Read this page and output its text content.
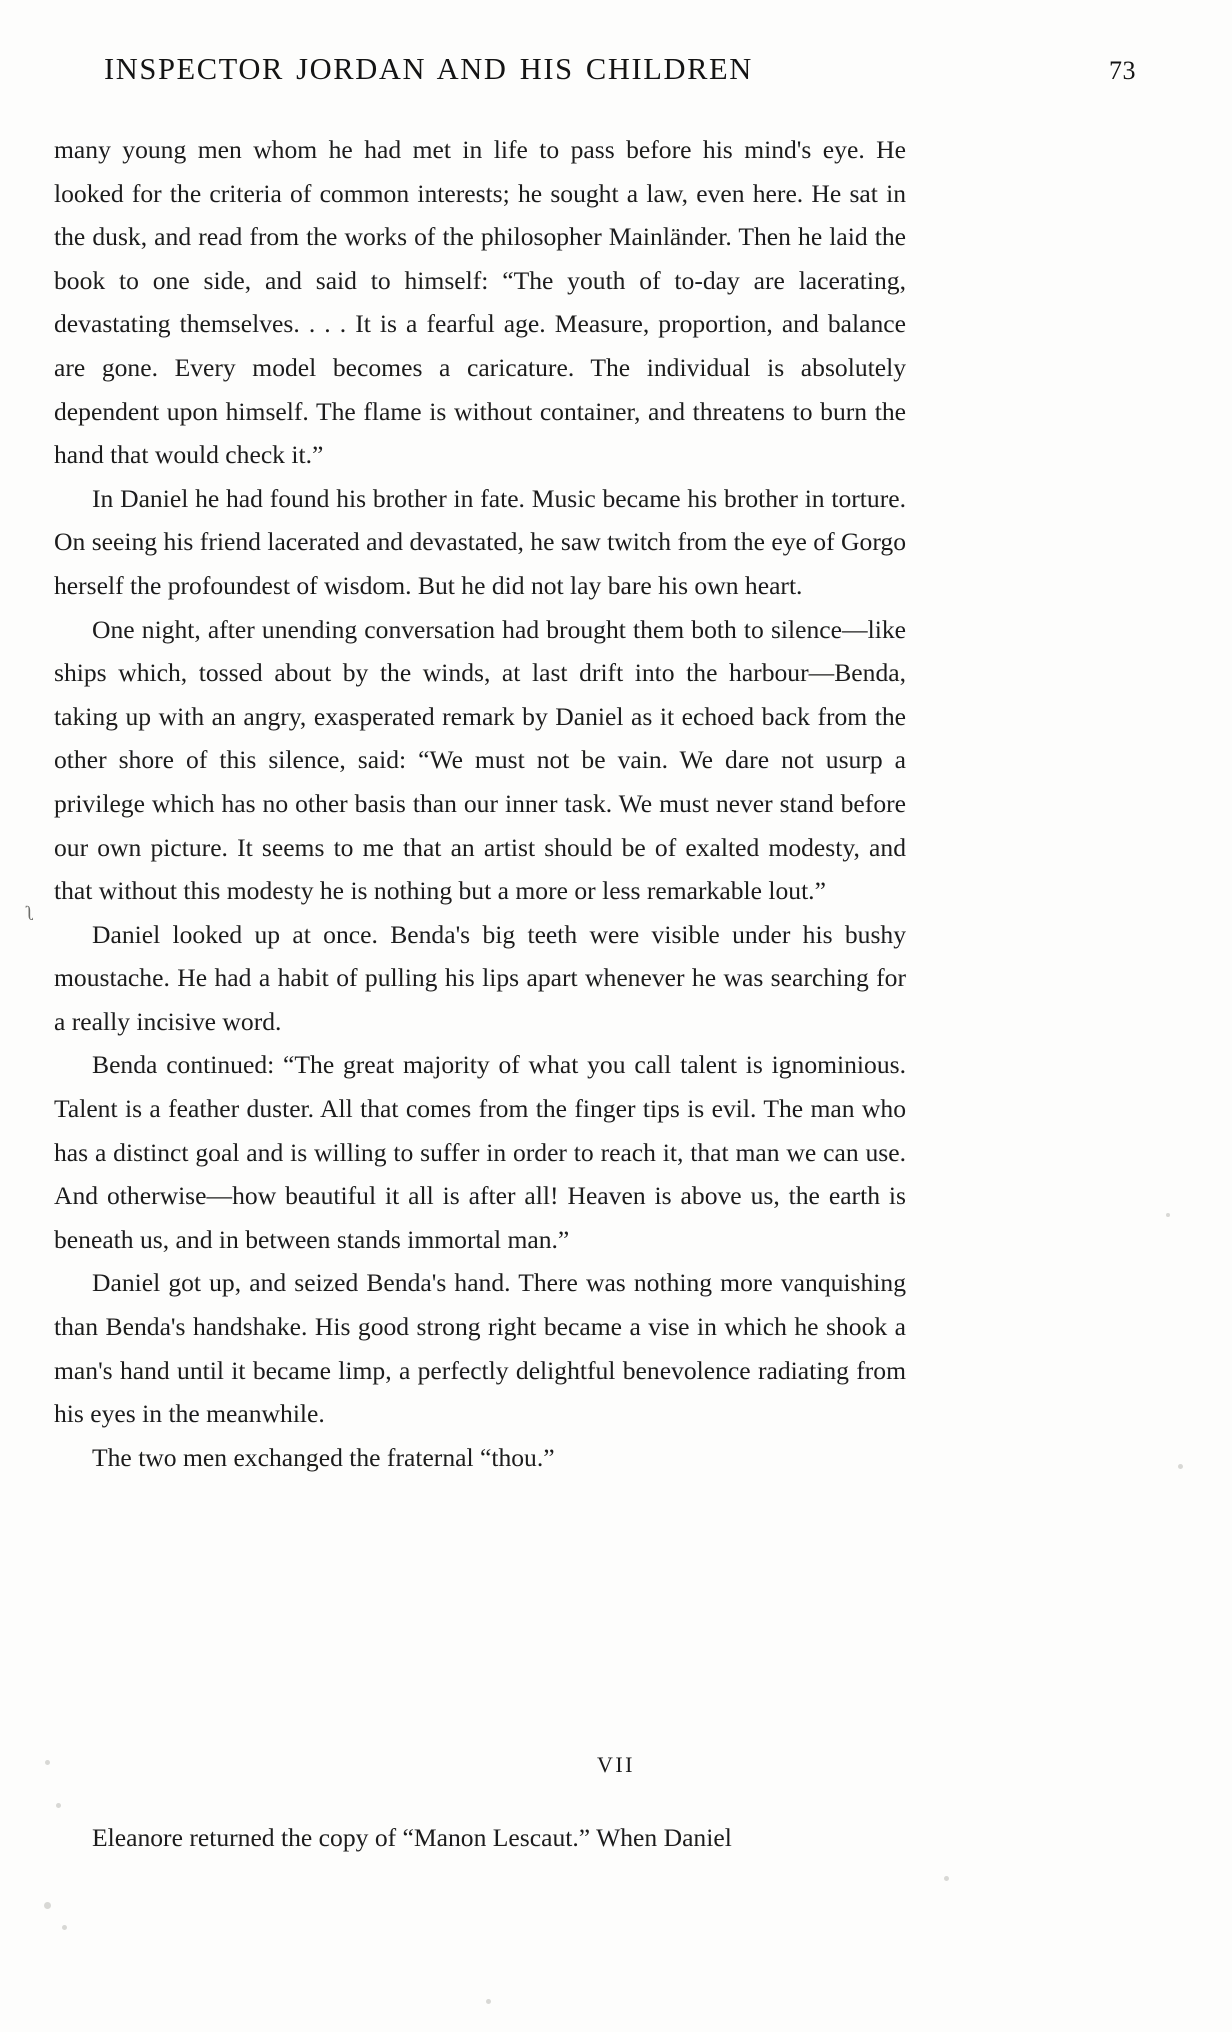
INSPECTOR JORDAN AND HIS CHILDREN	73
ʅ

many young men whom he had met in life to pass before his mind's eye. He looked for the criteria of common interests; he sought a law, even here. He sat in the dusk, and read from the works of the philosopher Mainländer. Then he laid the book to one side, and said to himself: “The youth of to-day are lacerating, devastating themselves. . . . It is a fearful age. Measure, proportion, and balance are gone. Every model becomes a caricature. The individual is absolutely dependent upon himself. The flame is without container, and threatens to burn the hand that would check it.”

In Daniel he had found his brother in fate. Music became his brother in torture. On seeing his friend lacerated and devastated, he saw twitch from the eye of Gorgo herself the profoundest of wisdom. But he did not lay bare his own heart.

One night, after unending conversation had brought them both to silence—like ships which, tossed about by the winds, at last drift into the harbour—Benda, taking up with an angry, exasperated remark by Daniel as it echoed back from the other shore of this silence, said: “We must not be vain. We dare not usurp a privilege which has no other basis than our inner task. We must never stand before our own picture. It seems to me that an artist should be of exalted modesty, and that without this modesty he is nothing but a more or less remarkable lout.”

Daniel looked up at once. Benda's big teeth were visible under his bushy moustache. He had a habit of pulling his lips apart whenever he was searching for a really incisive word.

Benda continued: “The great majority of what you call talent is ignominious. Talent is a feather duster. All that comes from the finger tips is evil. The man who has a distinct goal and is willing to suffer in order to reach it, that man we can use. And otherwise—how beautiful it all is after all! Heaven is above us, the earth is beneath us, and in between stands immortal man.”

Daniel got up, and seized Benda's hand. There was nothing more vanquishing than Benda's handshake. His good strong right became a vise in which he shook a man's hand until it became limp, a perfectly delightful benevolence radiating from his eyes in the meanwhile.

The two men exchanged the fraternal “thou.”

VII

Eleanore returned the copy of “Manon Lescaut.” When Daniel
